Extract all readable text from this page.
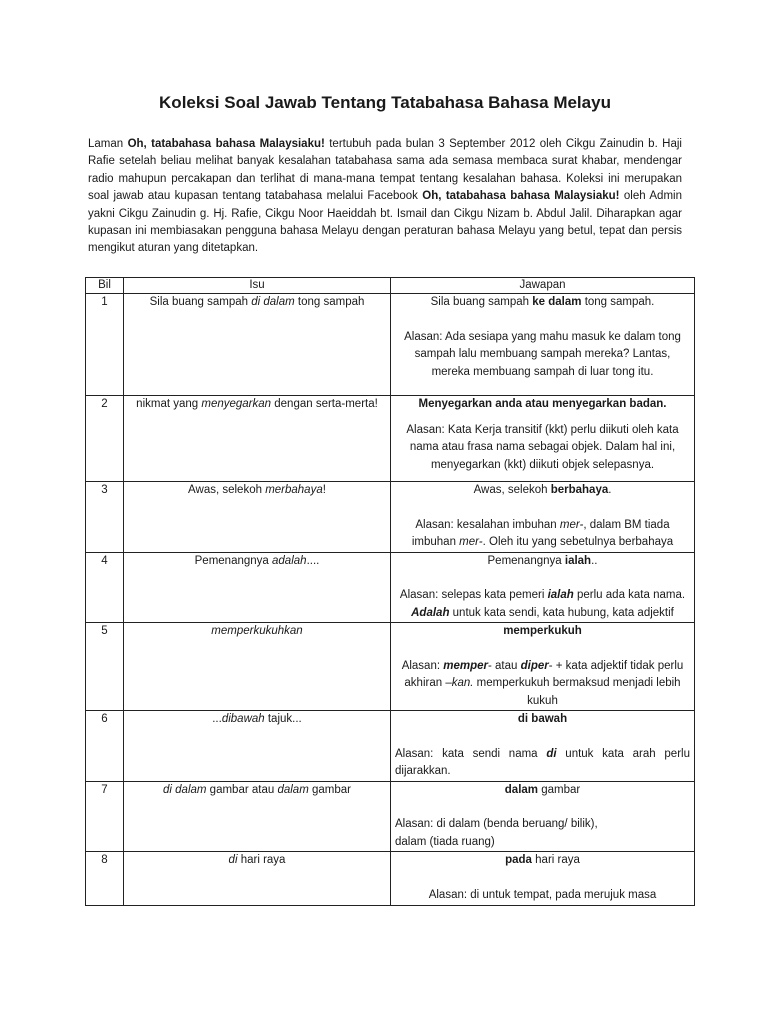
Koleksi Soal Jawab Tentang Tatabahasa Bahasa Melayu

Laman Oh, tatabahasa bahasa Malaysiaku! tertubuh pada bulan 3 September 2012 oleh Cikgu Zainudin b. Haji Rafie setelah beliau melihat banyak kesalahan tatabahasa sama ada semasa membaca surat khabar, mendengar radio mahupun percakapan dan terlihat di mana-mana tempat tentang kesalahan bahasa. Koleksi ini merupakan soal jawab atau kupasan tentang tatabahasa melalui Facebook Oh, tatabahasa bahasa Malaysiaku! oleh Admin yakni Cikgu Zainudin g. Hj. Rafie, Cikgu Noor Haeiddah bt. Ismail dan Cikgu Nizam b. Abdul Jalil. Diharapkan agar kupasan ini membiasakan pengguna bahasa Melayu dengan peraturan bahasa Melayu yang betul, tepat dan persis mengikut aturan yang ditetapkan.

Bil	Isu	Jawapan
1	Sila buang sampah di dalam tong sampah	Sila buang sampah ke dalam tong sampah.
Alasan: Ada sesiapa yang mahu masuk ke dalam tong sampah lalu membuang sampah mereka? Lantas, mereka membuang sampah di luar tong itu.

2	nikmat yang menyegarkan dengan serta-merta!	Menyegarkan anda atau menyegarkan badan.
Alasan: Kata Kerja transitif (kkt) perlu diikuti oleh kata nama atau frasa nama sebagai objek. Dalam hal ini, menyegarkan (kkt) diikuti objek selepasnya.

3	Awas, selekoh merbahaya!	Awas, selekoh berbahaya.
Alasan: kesalahan imbuhan mer-, dalam BM tiada imbuhan mer-. Oleh itu yang sebetulnya berbahaya

4	Pemenangnya adalah....	Pemenangnya ialah..
Alasan: selepas kata pemeri ialah perlu ada kata nama. Adalah untuk kata sendi, kata hubung, kata adjektif

5	memperkukuhkan	memperkukuh
Alasan: memper- atau diper- + kata adjektif tidak perlu akhiran –kan. memperkukuh bermaksud menjadi lebih kukuh

6	...dibawah tajuk...	di bawah
Alasan: kata sendi nama di untuk kata arah perlu dijarakkan.

7	di dalam gambar atau dalam gambar	dalam gambar
Alasan: di dalam (benda beruang/ bilik),
dalam (tiada ruang)

8	di hari raya	pada hari raya
Alasan: di untuk tempat, pada merujuk masa
